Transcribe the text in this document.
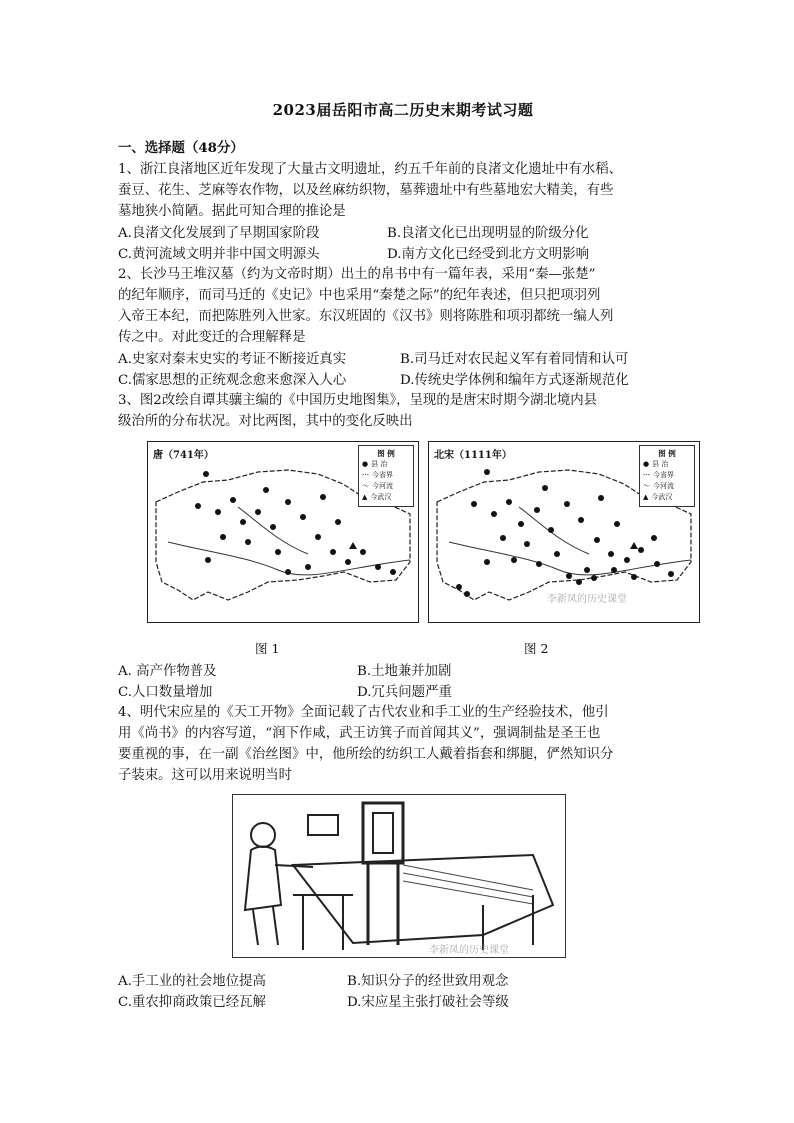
2023届岳阳市高二历史末期考试习题
一、选择题（48分）
1、浙江良渚地区近年发现了大量古文明遗址，约五千年前的良渚文化遗址中有水稻、
蚕豆、花生、芝麻等农作物，以及丝麻纺织物，墓葬遗址中有些墓地宏大精美，有些
墓地狭小简陋。据此可知合理的推论是
A.良渚文化发展到了早期国家阶段	B.良渚文化已出现明显的阶级分化
C.黄河流域文明并非中国文明源头	D.南方文化已经受到北方文明影响
2、长沙马王堆汉墓（约为文帝时期）出土的帛书中有一篇年表，采用“秦—张楚”
的纪年顺序，而司马迁的《史记》中也采用“秦楚之际”的纪年表述，但只把项羽列
入帝王本纪，而把陈胜列入世家。东汉班固的《汉书》则将陈胜和项羽都统一编人列
传之中。对此变迁的合理解释是
A.史家对秦末史实的考证不断接近真实	B.司马迁对农民起义军有着同情和认可
C.儒家思想的正统观念愈来愈深入人心	D.传统史学体例和编年方式逐渐规范化
3、图2改绘自谭其骧主编的《中国历史地图集》，呈现的是唐宋时期今湖北境内县
级治所的分布状况。对比两图，其中的变化反映出
唐（741年）	图 例
● 县 治
-·- 今省界
〜 今河流
▲ 今武汉
北宋（1111年）	图 例
● 县 治
-·- 今省界
〜 今河流
▲ 今武汉
李新凤的历史课堂
图 1	图 2
A. 高产作物普及	B.土地兼并加剧
C.人口数量增加	D.冗兵问题严重
4、明代宋应星的《天工开物》全面记载了古代农业和手工业的生产经验技术，他引
用《尚书》的内容写道，“润下作咸，武王访箕子而首闻其义”，强调制盐是圣王也
要重视的事，在一副《治丝图》中，他所绘的纺织工人戴着指套和绑腿，俨然知识分
子装束。这可以用来说明当时
李新凤的历史课堂
A.手工业的社会地位提高	B.知识分子的经世致用观念
C.重农抑商政策已经瓦解	D.宋应星主张打破社会等级
